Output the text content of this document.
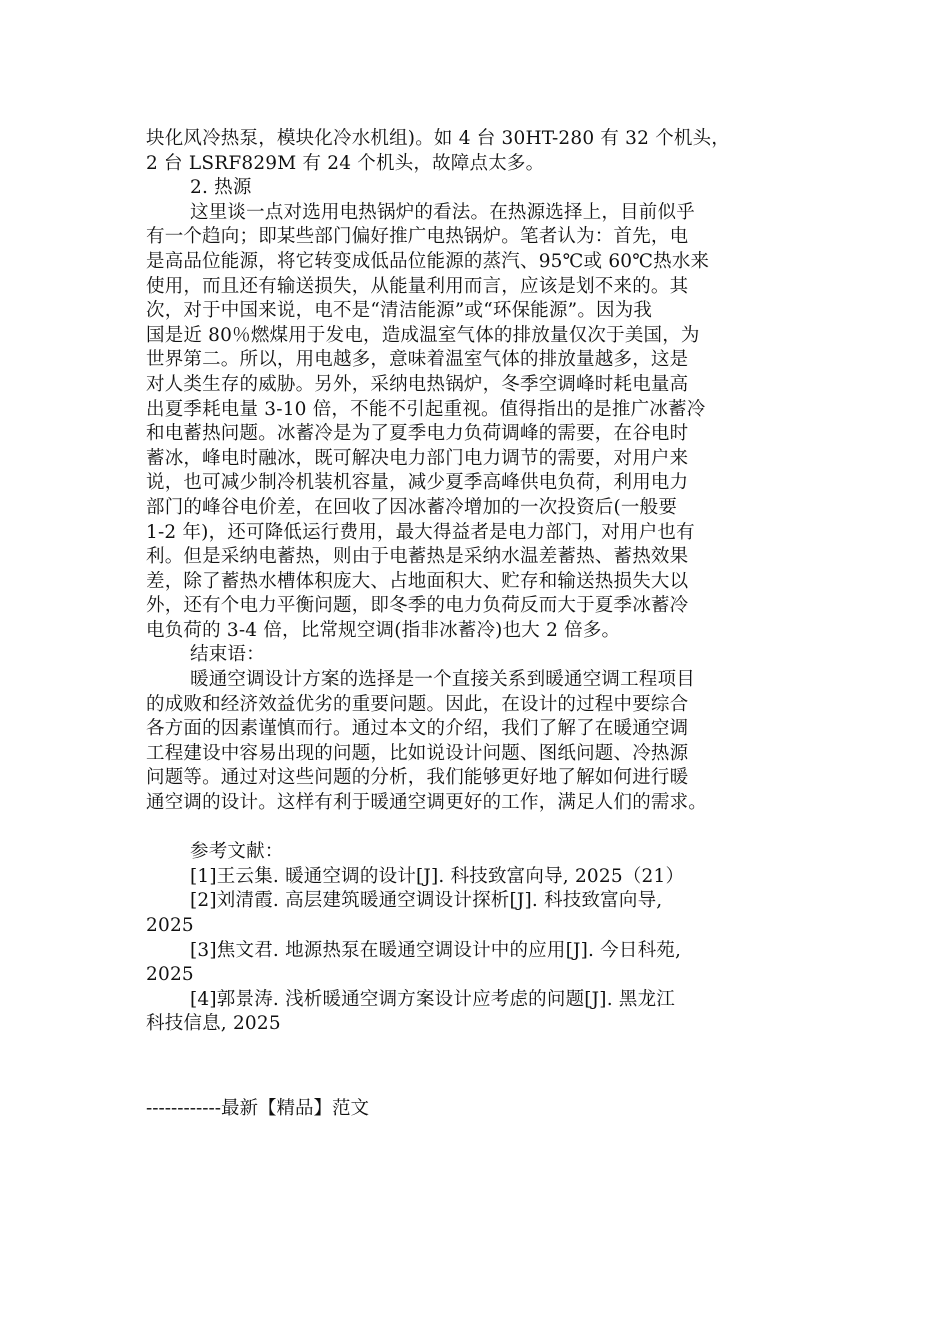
块化风冷热泵，模块化冷水机组)。如 4 台 30HT-280 有 32 个机头，
2 台 LSRF829M 有 24 个机头，故障点太多。
2. 热源
这里谈一点对选用电热锅炉的看法。在热源选择上，目前似乎
有一个趋向；即某些部门偏好推广电热锅炉。笔者认为：首先，电
是高品位能源，将它转变成低品位能源的蒸汽、95℃或 60℃热水来
使用，而且还有输送损失，从能量利用而言，应该是划不来的。其
次，对于中国来说，电不是“清洁能源”或“环保能源”。因为我
国是近 80％燃煤用于发电，造成温室气体的排放量仅次于美国，为
世界第二。所以，用电越多，意味着温室气体的排放量越多，这是
对人类生存的威胁。另外，采纳电热锅炉，冬季空调峰时耗电量高
出夏季耗电量 3-10 倍，不能不引起重视。值得指出的是推广冰蓄冷
和电蓄热问题。冰蓄冷是为了夏季电力负荷调峰的需要，在谷电时
蓄冰，峰电时融冰，既可解决电力部门电力调节的需要，对用户来
说，也可减少制冷机装机容量，减少夏季高峰供电负荷，利用电力
部门的峰谷电价差，在回收了因冰蓄冷增加的一次投资后(一般要
1-2 年)，还可降低运行费用，最大得益者是电力部门，对用户也有
利。但是采纳电蓄热，则由于电蓄热是采纳水温差蓄热、蓄热效果
差，除了蓄热水槽体积庞大、占地面积大、贮存和输送热损失大以
外，还有个电力平衡问题，即冬季的电力负荷反而大于夏季冰蓄冷
电负荷的 3-4 倍，比常规空调(指非冰蓄冷)也大 2 倍多。
结束语：
暖通空调设计方案的选择是一个直接关系到暖通空调工程项目
的成败和经济效益优劣的重要问题。因此，在设计的过程中要综合
各方面的因素谨慎而行。通过本文的介绍，我们了解了在暖通空调
工程建设中容易出现的问题，比如说设计问题、图纸问题、冷热源
问题等。通过对这些问题的分析，我们能够更好地了解如何进行暖
通空调的设计。这样有利于暖通空调更好的工作，满足人们的需求。
参考文献：
[1]王云集. 暖通空调的设计[J]. 科技致富向导, 2025（21）
[2]刘清霞. 高层建筑暖通空调设计探析[J]. 科技致富向导,
2025
[3]焦文君. 地源热泵在暖通空调设计中的应用[J]. 今日科苑,
2025
[4]郭景涛. 浅析暖通空调方案设计应考虑的问题[J]. 黑龙江
科技信息, 2025
------------最新【精品】范文
